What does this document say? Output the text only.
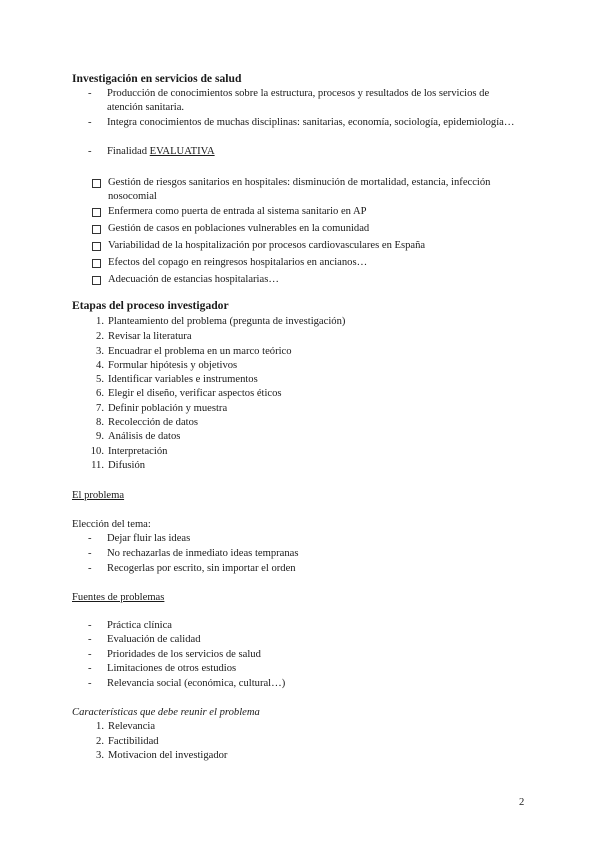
Investigación en servicios de salud
- Producción de conocimientos sobre la estructura, procesos y resultados de los servicios de atención sanitaria.
- Integra conocimientos de muchas disciplinas: sanitarias, economía, sociología, epidemiología…
- Finalidad EVALUATIVA
Gestión de riesgos sanitarios en hospitales: disminución de mortalidad, estancia, infección nosocomial
Enfermera como puerta de entrada al sistema sanitario en AP
Gestión de casos en poblaciones vulnerables en la comunidad
Variabilidad de la hospitalización por procesos cardiovasculares en España
Efectos del copago en reingresos hospitalarios en ancianos…
Adecuación de estancias hospitalarias…
Etapas del proceso investigador
1. Planteamiento del problema (pregunta de investigación)
2. Revisar la literatura
3. Encuadrar el problema en un marco teórico
4. Formular hipótesis y objetivos
5. Identificar variables e instrumentos
6. Elegir el diseño, verificar aspectos éticos
7. Definir población y muestra
8. Recolección de datos
9. Análisis de datos
10. Interpretación
11. Difusión
El problema
Elección del tema:
- Dejar fluir las ideas
- No rechazarlas de inmediato ideas tempranas
- Recogerlas por escrito, sin importar el orden
Fuentes de problemas
- Práctica clínica
- Evaluación de calidad
- Prioridades de los servicios de salud
- Limitaciones de otros estudios
- Relevancia social (económica, cultural…)
Características que debe reunir el problema
1. Relevancia
2. Factibilidad
3. Motivacion del investigador
2
